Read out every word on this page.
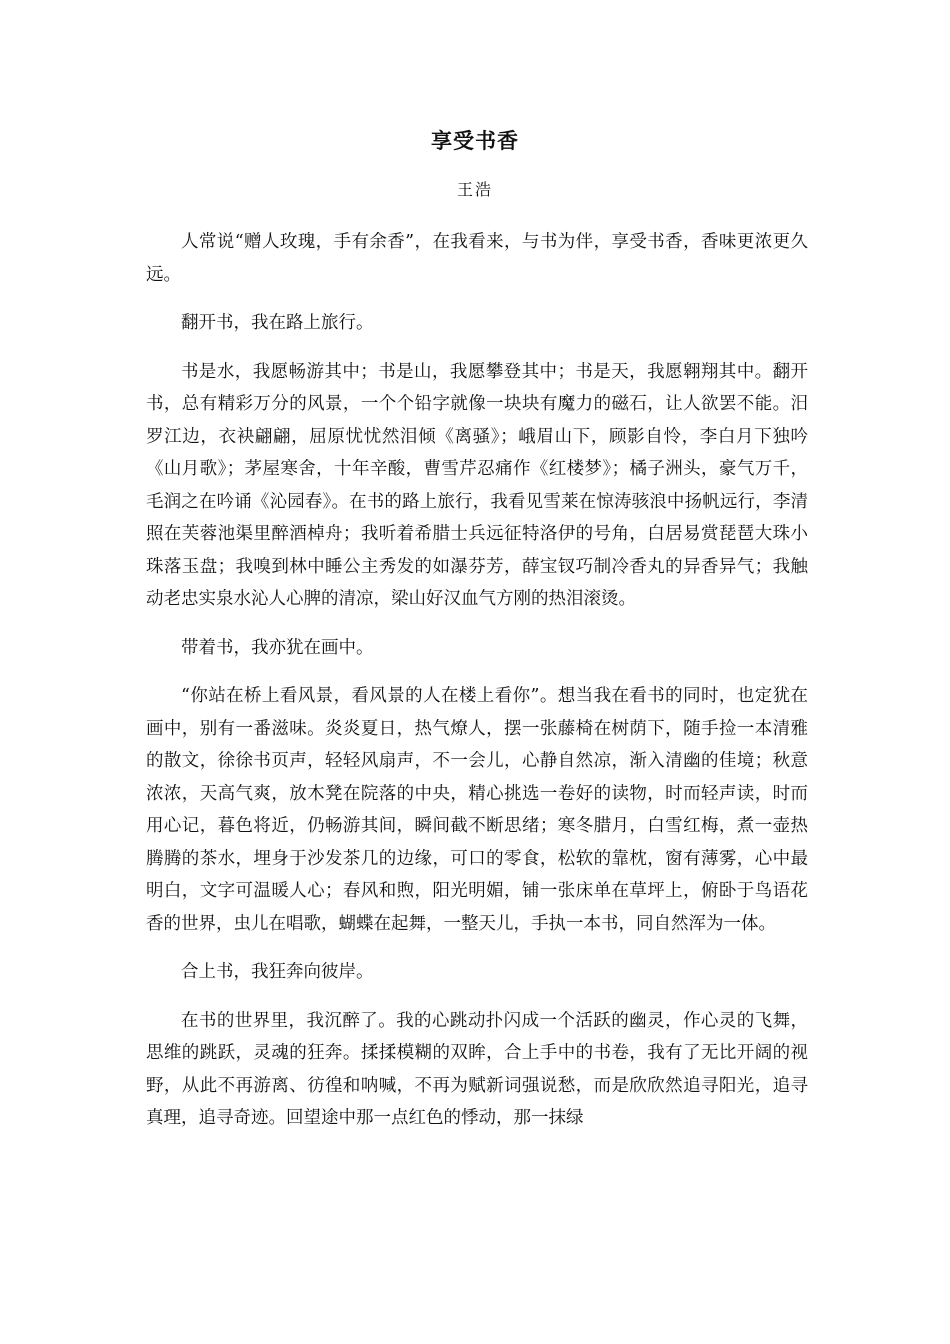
享受书香

王浩

人常说“赠人玫瑰，手有余香”，在我看来，与书为伴，享受书香，香味更浓更久远。

翻开书，我在路上旅行。

书是水，我愿畅游其中；书是山，我愿攀登其中；书是天，我愿翱翔其中。翻开书，总有精彩万分的风景，一个个铅字就像一块块有魔力的磁石，让人欲罢不能。汨罗江边，衣袂翩翩，屈原忧忧然泪倾《离骚》；峨眉山下，顾影自怜，李白月下独吟《山月歌》；茅屋寒舍，十年辛酸，曹雪芹忍痛作《红楼梦》；橘子洲头，豪气万千，毛润之在吟诵《沁园春》。在书的路上旅行，我看见雪莱在惊涛骇浪中扬帆远行，李清照在芙蓉池渠里醉酒棹舟；我听着希腊士兵远征特洛伊的号角，白居易赏琵琶大珠小珠落玉盘；我嗅到林中睡公主秀发的如瀑芬芳，薛宝钗巧制冷香丸的异香异气；我触动老忠实泉水沁人心脾的清凉，梁山好汉血气方刚的热泪滚烫。

带着书，我亦犹在画中。

“你站在桥上看风景，看风景的人在楼上看你”。想当我在看书的同时，也定犹在画中，别有一番滋味。炎炎夏日，热气燎人，摆一张藤椅在树荫下，随手捡一本清雅的散文，徐徐书页声，轻轻风扇声，不一会儿，心静自然凉，渐入清幽的佳境；秋意浓浓，天高气爽，放木凳在院落的中央，精心挑选一卷好的读物，时而轻声读，时而用心记，暮色将近，仍畅游其间，瞬间截不断思绪；寒冬腊月，白雪红梅，煮一壶热腾腾的茶水，埋身于沙发茶几的边缘，可口的零食，松软的靠枕，窗有薄雾，心中最明白，文字可温暖人心；春风和煦，阳光明媚，铺一张床单在草坪上，俯卧于鸟语花香的世界，虫儿在唱歌，蝴蝶在起舞，一整天儿，手执一本书，同自然浑为一体。

合上书，我狂奔向彼岸。

在书的世界里，我沉醉了。我的心跳动扑闪成一个活跃的幽灵，作心灵的飞舞，思维的跳跃，灵魂的狂奔。揉揉模糊的双眸，合上手中的书卷，我有了无比开阔的视野，从此不再游离、彷徨和呐喊，不再为赋新词强说愁，而是欣欣然追寻阳光，追寻真理，追寻奇迹。回望途中那一点红色的悸动，那一抹绿
